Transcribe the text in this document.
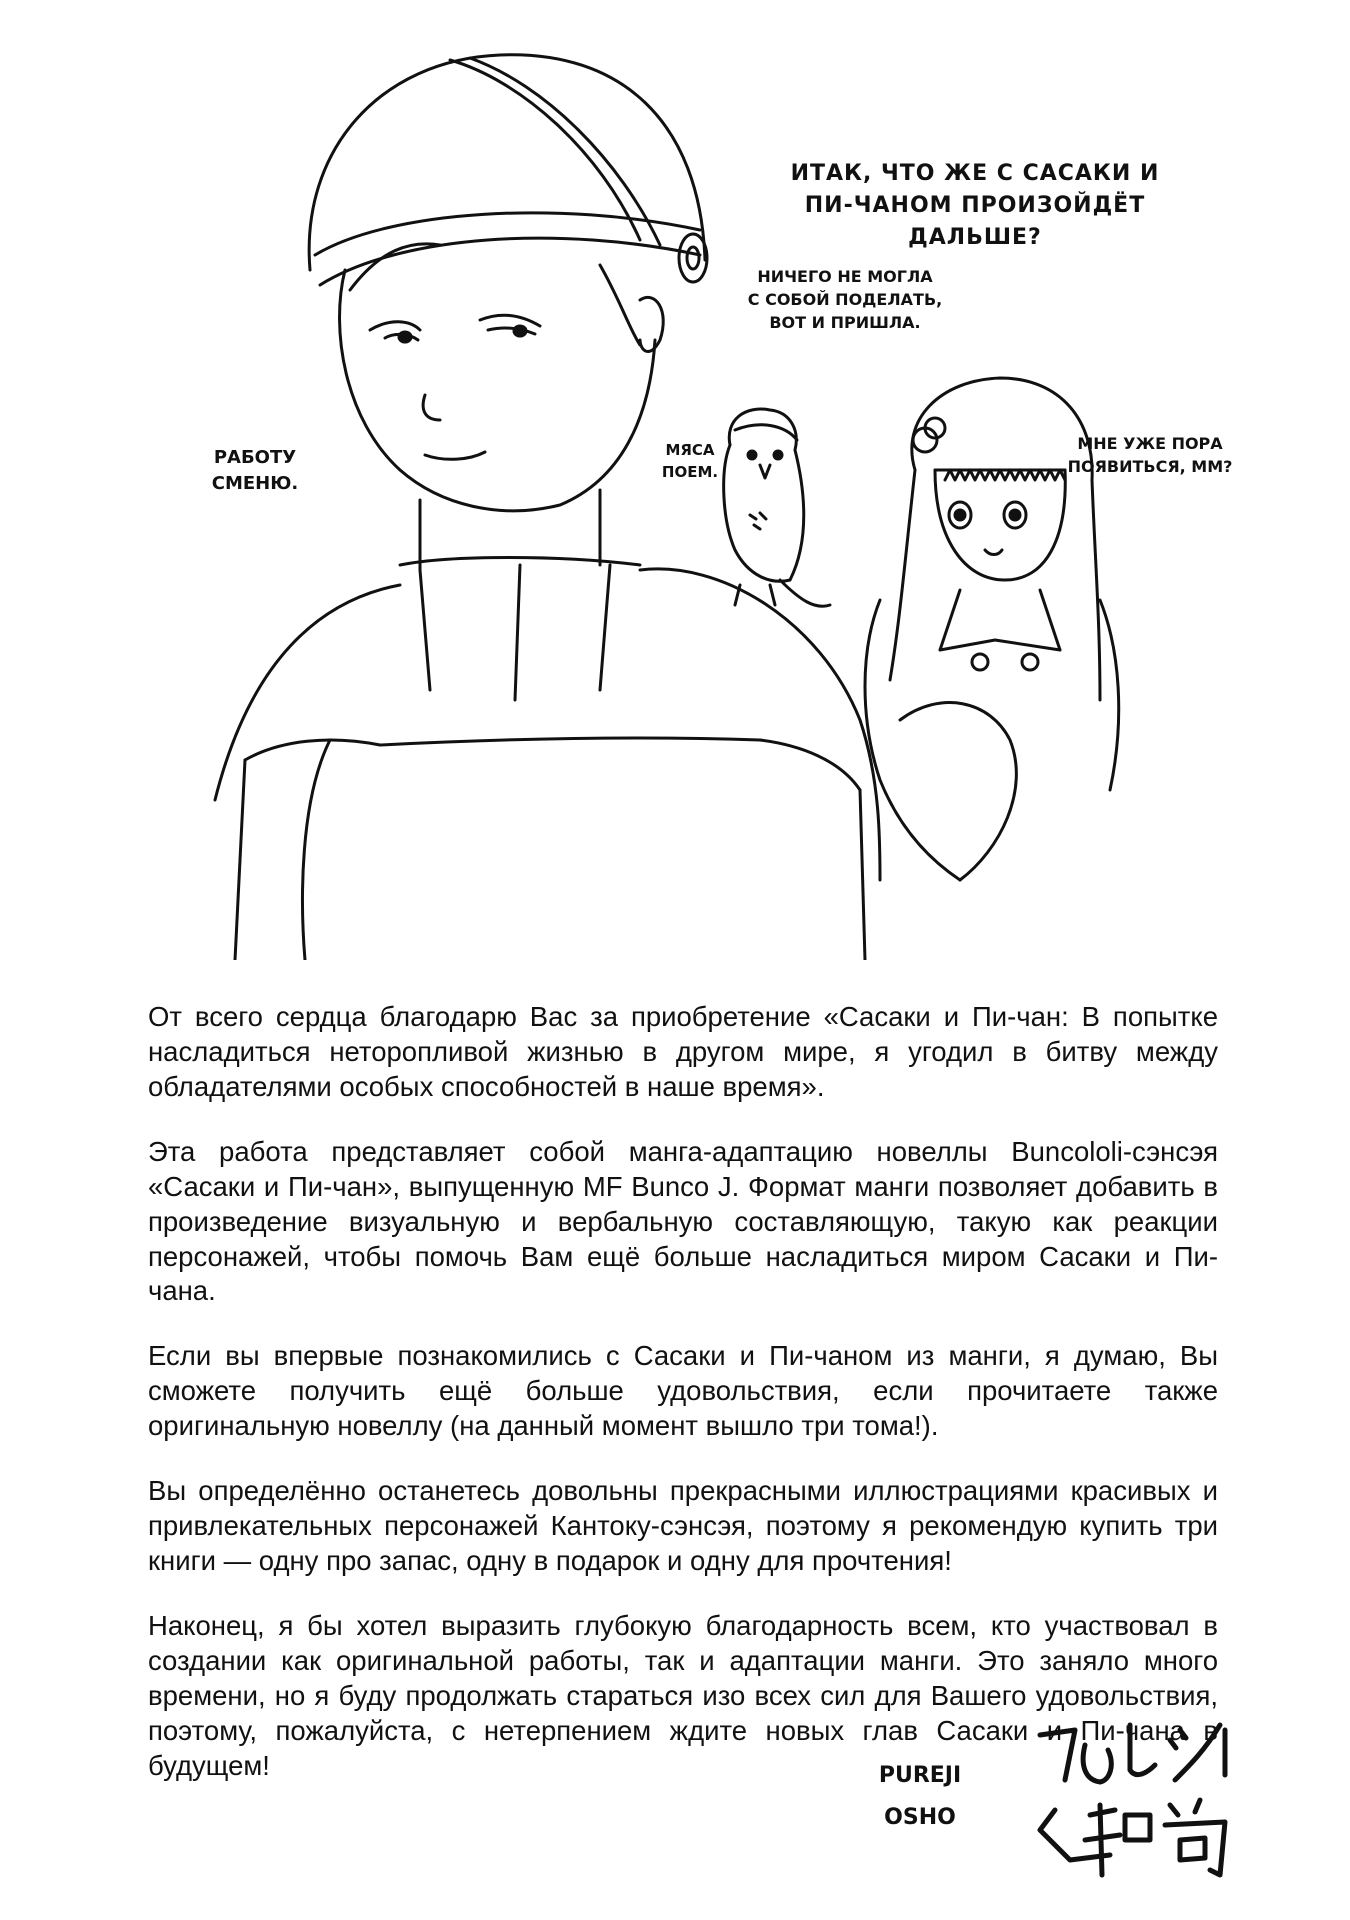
ИТАК, ЧТО ЖЕ С САСАКИ И
ПИ-ЧАНОМ ПРОИЗОЙДЁТ ДАЛЬШЕ?
НИЧЕГО НЕ МОГЛА
С СОБОЙ ПОДЕЛАТЬ,
ВОТ И ПРИШЛА.
РАБОТУ
СМЕНЮ.
МЯСА
ПОЕМ.
МНЕ УЖЕ ПОРА
ПОЯВИТЬСЯ, ММ?

От всего сердца благодарю Вас за приобретение «Сасаки и Пи-чан: В попытке насладиться неторопливой жизнью в другом мире, я угодил в битву между обладателями особых способностей в наше время».

Эта работа представляет собой манга-адаптацию новеллы Buncololi-сэнсэя «Сасаки и Пи-чан», выпущенную MF Bunco J. Формат манги позволяет добавить в произведение визуальную и вербальную составляющую, такую как реакции персонажей, чтобы помочь Вам ещё больше насладиться миром Сасаки и Пи-чана.

Если вы впервые познакомились с Сасаки и Пи-чаном из манги, я думаю, Вы сможете получить ещё больше удовольствия, если прочитаете также оригинальную новеллу (на данный момент вышло три тома!).

Вы определённо останетесь довольны прекрасными иллюстрациями красивых и привлекательных персонажей Кантоку-сэнсэя, поэтому я рекомендую купить три книги — одну про запас, одну в подарок и одну для прочтения!

Наконец, я бы хотел выразить глубокую благодарность всем, кто участвовал в создании как оригинальной работы, так и адаптации манги. Это заняло много времени, но я буду продолжать стараться изо всех сил для Вашего удовольствия, поэтому, пожалуйста, с нетерпением ждите новых глав Сасаки и Пи-чана в будущем!	PUREJI
OSHO
